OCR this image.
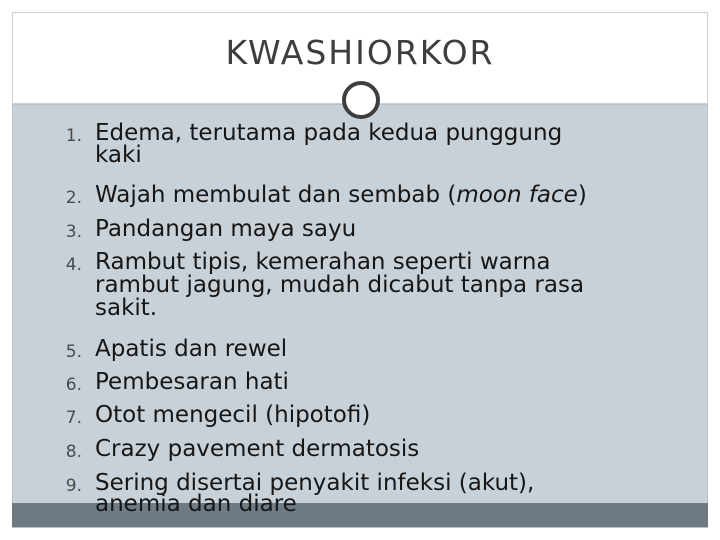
KWASHIORKOR
1. Edema, terutama pada kedua punggung
kaki
2. Wajah membulat dan sembab (moon face)
3. Pandangan maya sayu
4. Rambut tipis, kemerahan seperti warna
rambut jagung, mudah dicabut tanpa rasa
sakit.
5. Apatis dan rewel
6. Pembesaran hati
7. Otot mengecil (hipotofi)
8. Crazy pavement dermatosis
9. Sering disertai penyakit infeksi (akut),
anemia dan diare
